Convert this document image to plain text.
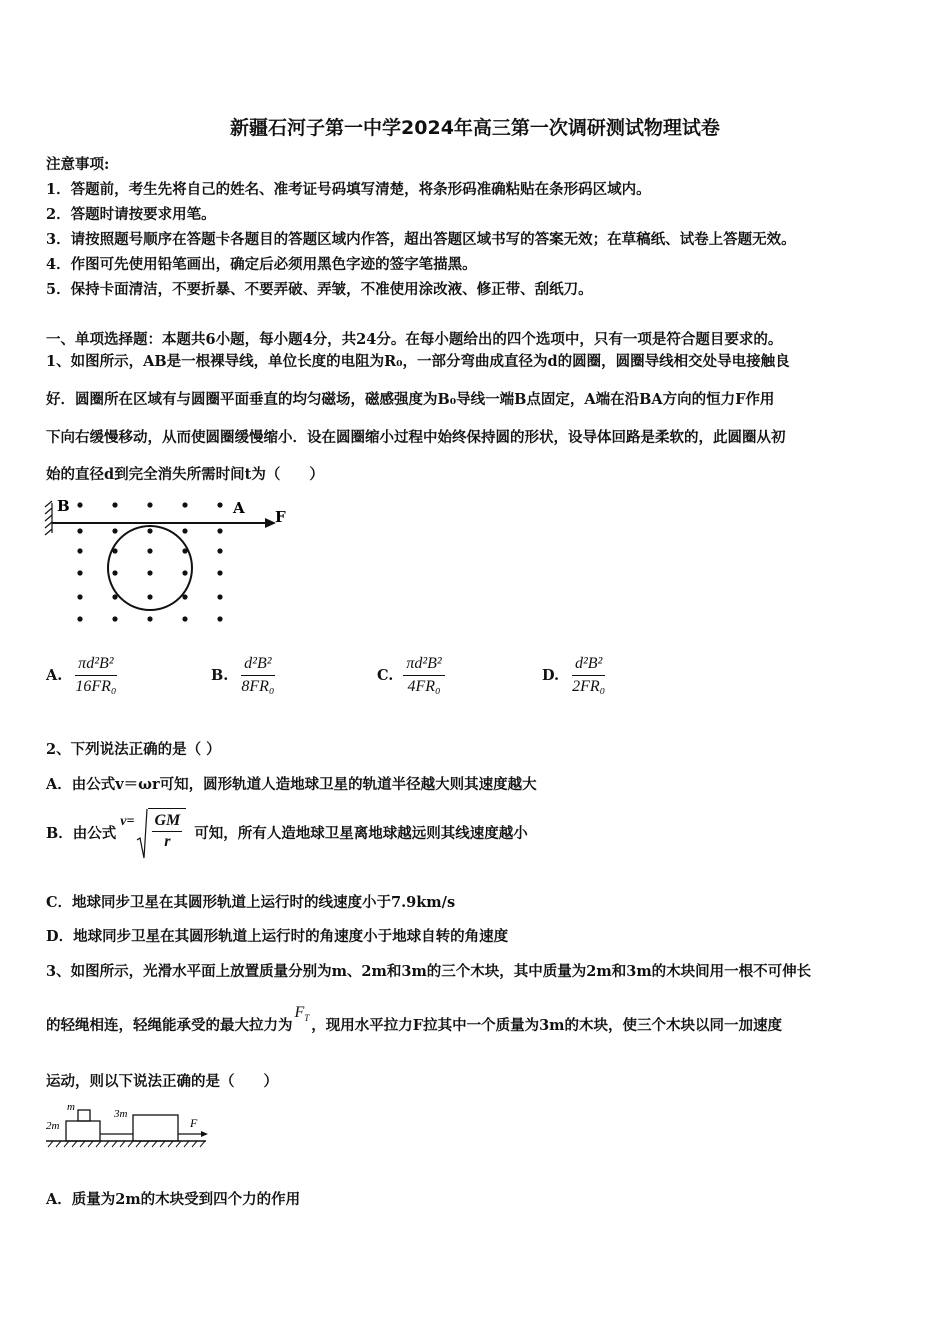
新疆石河子第一中学2024年高三第一次调研测试物理试卷
注意事项:
1．答题前，考生先将自己的姓名、准考证号码填写清楚，将条形码准确粘贴在条形码区域内。
2．答题时请按要求用笔。
3．请按照题号顺序在答题卡各题目的答题区域内作答，超出答题区域书写的答案无效；在草稿纸、试卷上答题无效。
4．作图可先使用铅笔画出，确定后必须用黑色字迹的签字笔描黑。
5．保持卡面清洁，不要折暴、不要弄破、弄皱，不准使用涂改液、修正带、刮纸刀。
一、单项选择题：本题共6小题，每小题4分，共24分。在每小题给出的四个选项中，只有一项是符合题目要求的。
1、如图所示，AB是一根裸导线，单位长度的电阻为R₀，一部分弯曲成直径为d的圆圈，圆圈导线相交处导电接触良
好．圆圈所在区域有与圆圈平面垂直的均匀磁场，磁感强度为B₀导线一端B点固定，A端在沿BA方向的恒力F作用
下向右缓慢移动，从而使圆圈缓慢缩小．设在圆圈缩小过程中始终保持圆的形状，设导体回路是柔软的，此圆圈从初
始的直径d到完全消失所需时间t为（　　）
B	A F
A. $\frac{\text{πd²B²}}{\text{16FR₀}}$	B. $\frac{\text{d²B²}}{\text{8FR₀}}$	C. $\frac{\text{πd²B²}}{\text{4FR₀}}$	D. $\frac{\text{d²B²}}{\text{2FR₀}}$
2、下列说法正确的是（ ）
A．由公式v＝ωr可知，圆形轨道人造地球卫星的轨道半径越大则其速度越大
B．由公式
v= GM
r 可知，所有人造地球卫星离地球越远则其线速度越小
C．地球同步卫星在其圆形轨道上运行时的线速度小于7.9km/s
D．地球同步卫星在其圆形轨道上运行时的角速度小于地球自转的角速度
3、如图所示，光滑水平面上放置质量分别为m、2m和3m的三个木块，其中质量为2m和3m的木块间用一根不可伸长
的轻绳相连，轻绳能承受的最大拉力为
$F_T$ ，现用水平拉力F拉其中一个质量为3m的木块，使三个木块以同一加速度
运动，则以下说法正确的是（　　）
m
2m
3m
F
A．质量为2m的木块受到四个力的作用
